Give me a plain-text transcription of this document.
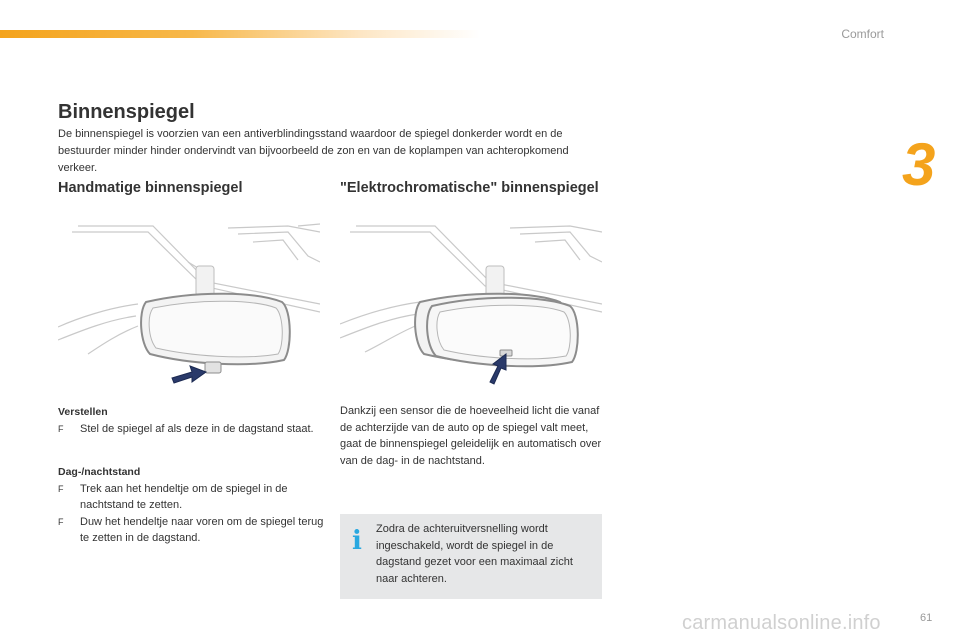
Comfort
3
Binnenspiegel

De binnenspiegel is voorzien van een antiverblindingsstand waardoor de spiegel donkerder wordt en de bestuurder minder hinder ondervindt van bijvoorbeeld de zon en van de koplampen van achteropkomend verkeer.

Handmatige binnenspiegel	"Elektrochromatische" binnenspiegel
Verstellen
F	Stel de spiegel af als deze in de dagstand staat.
Dag-/nachtstand
F	Trek aan het hendeltje om de spiegel in de nachtstand te zetten.
F	Duw het hendeltje naar voren om de spiegel terug te zetten in de dagstand.

Dankzij een sensor die de hoeveelheid licht die vanaf de achterzijde van de auto op de spiegel valt meet, gaat de binnenspiegel geleidelijk en automatisch over van de dag- in de nachtstand.

i Zodra de achteruitversnelling wordt ingeschakeld, wordt de spiegel in de dagstand gezet voor een maximaal zicht naar achteren.

carmanualsonline.info	61
